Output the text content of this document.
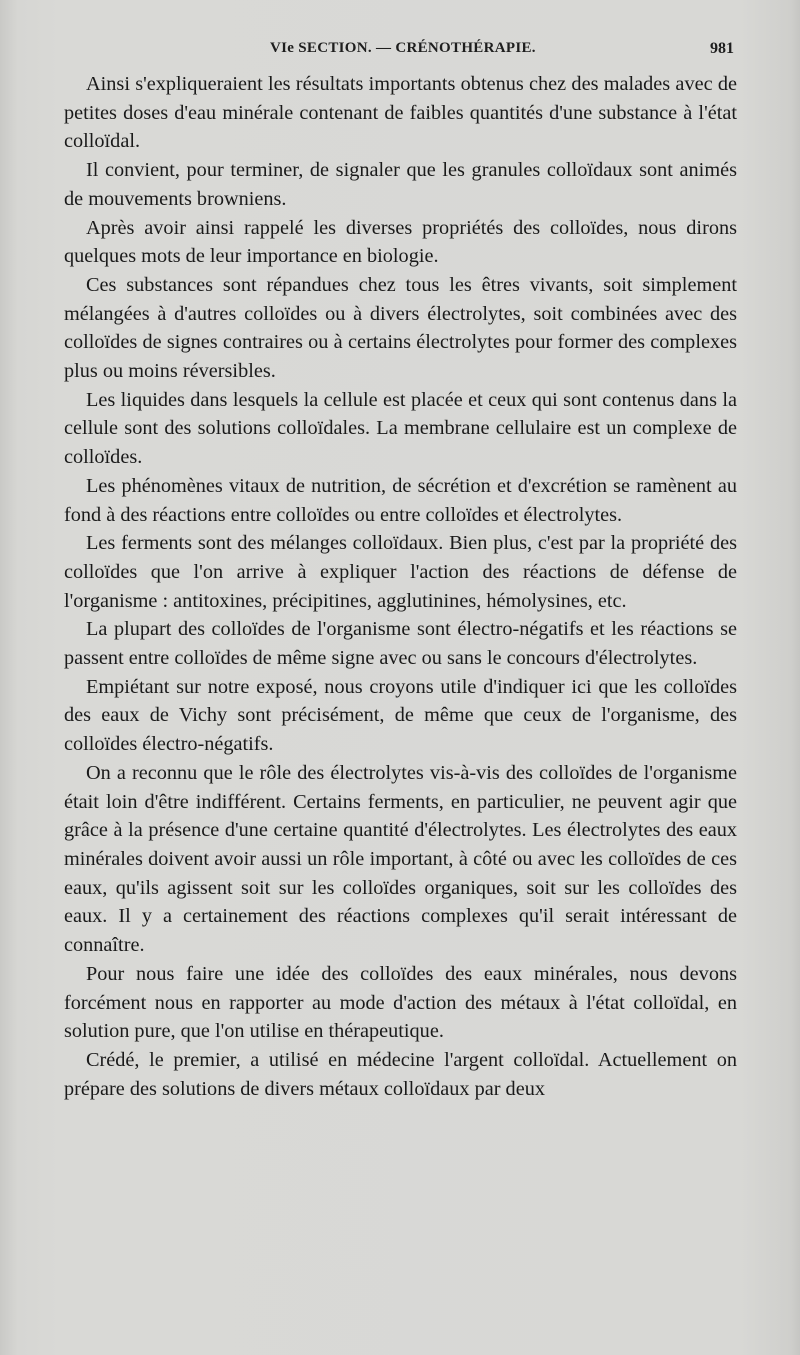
VIe SECTION. — CRÉNOTHÉRAPIE.	981

Ainsi s'expliqueraient les résultats importants obtenus chez des malades avec de petites doses d'eau minérale contenant de faibles quantités d'une substance à l'état colloïdal.

Il convient, pour terminer, de signaler que les granules colloïdaux sont animés de mouvements browniens.

Après avoir ainsi rappelé les diverses propriétés des colloïdes, nous dirons quelques mots de leur importance en biologie.

Ces substances sont répandues chez tous les êtres vivants, soit simplement mélangées à d'autres colloïdes ou à divers électrolytes, soit combinées avec des colloïdes de signes contraires ou à certains électrolytes pour former des complexes plus ou moins réversibles.

Les liquides dans lesquels la cellule est placée et ceux qui sont contenus dans la cellule sont des solutions colloïdales. La membrane cellulaire est un complexe de colloïdes.

Les phénomènes vitaux de nutrition, de sécrétion et d'excrétion se ramènent au fond à des réactions entre colloïdes ou entre colloïdes et électrolytes.

Les ferments sont des mélanges colloïdaux. Bien plus, c'est par la propriété des colloïdes que l'on arrive à expliquer l'action des réactions de défense de l'organisme : antitoxines, précipitines, agglutinines, hémolysines, etc.

La plupart des colloïdes de l'organisme sont électro-négatifs et les réactions se passent entre colloïdes de même signe avec ou sans le concours d'électrolytes.

Empiétant sur notre exposé, nous croyons utile d'indiquer ici que les colloïdes des eaux de Vichy sont précisément, de même que ceux de l'organisme, des colloïdes électro-négatifs.

On a reconnu que le rôle des électrolytes vis-à-vis des colloïdes de l'organisme était loin d'être indifférent. Certains ferments, en particulier, ne peuvent agir que grâce à la présence d'une certaine quantité d'électrolytes. Les électrolytes des eaux minérales doivent avoir aussi un rôle important, à côté ou avec les colloïdes de ces eaux, qu'ils agissent soit sur les colloïdes organiques, soit sur les colloïdes des eaux. Il y a certainement des réactions complexes qu'il serait intéressant de connaître.

Pour nous faire une idée des colloïdes des eaux minérales, nous devons forcément nous en rapporter au mode d'action des métaux à l'état colloïdal, en solution pure, que l'on utilise en thérapeutique.

Crédé, le premier, a utilisé en médecine l'argent colloïdal. Actuellement on prépare des solutions de divers métaux colloïdaux par deux
